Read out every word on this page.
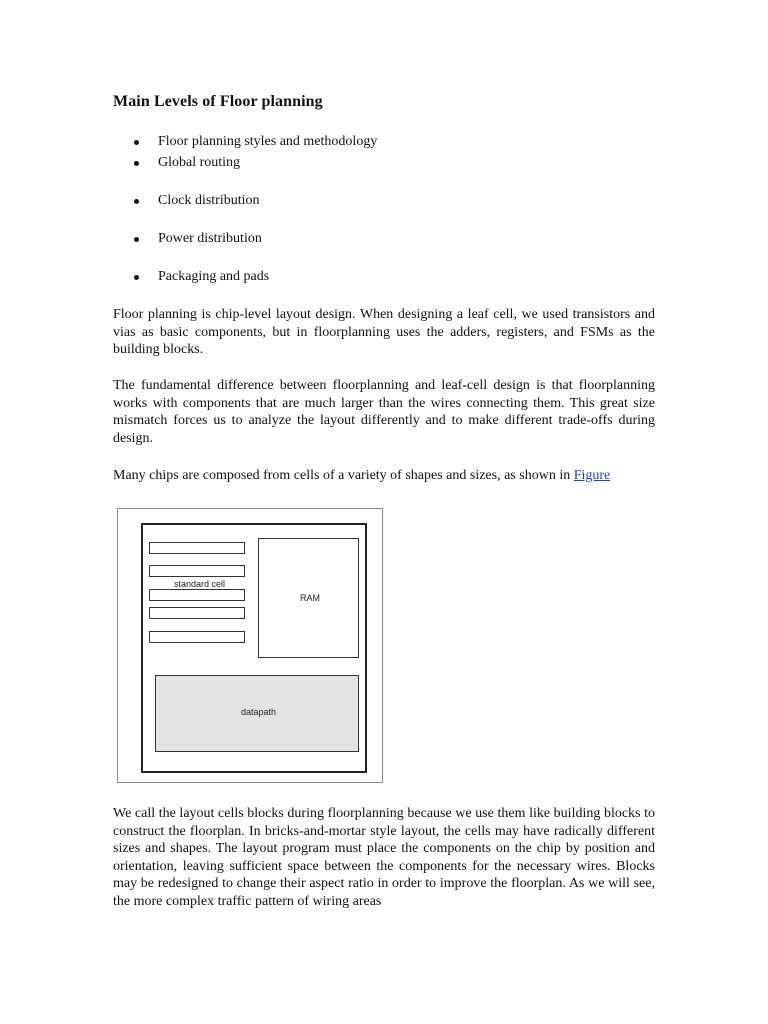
Main Levels of Floor planning
Floor planning styles and methodology
Global routing
Clock distribution
Power distribution
Packaging and pads

Floor planning is chip-level layout design. When designing a leaf cell, we used transistors and vias as basic components, but in floorplanning uses the adders, registers, and FSMs as the building blocks.

The fundamental difference between floorplanning and leaf-cell design is that floorplanning works with components that are much larger than the wires connecting them. This great size mismatch forces us to analyze the layout differently and to make different trade-offs during design.

Many chips are composed from cells of a variety of shapes and sizes, as shown in Figure

We call the layout cells blocks during floorplanning because we use them like building blocks to construct the floorplan. In bricks-and-mortar style layout, the cells may have radically different sizes and shapes. The layout program must place the components on the chip by position and orientation, leaving sufficient space between the components for the necessary wires. Blocks may be redesigned to change their aspect ratio in order to improve the floorplan. As we will see, the more complex traffic pattern of wiring areas

standard cell
RAM
datapath
